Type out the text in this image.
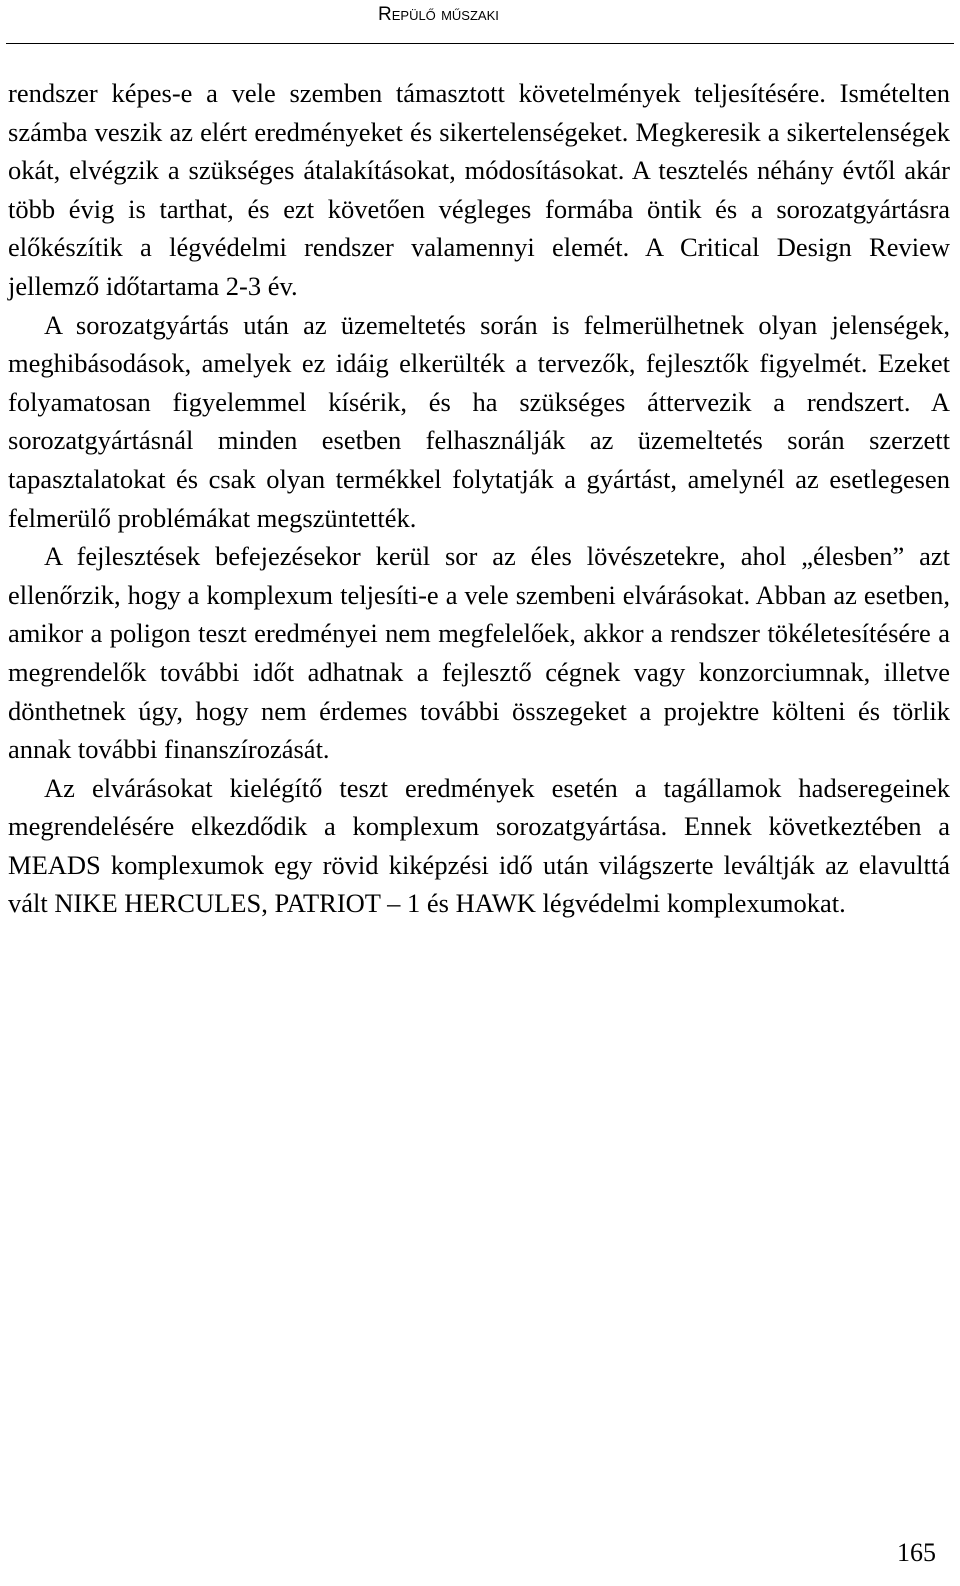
Repülő műszaki

rendszer képes-e a vele szemben támasztott követelmények teljesítésére. Ismételten számba veszik az elért eredményeket és sikertelenségeket. Megkeresik a sikertelenségek okát, elvégzik a szükséges átalakításokat, módosításokat. A tesztelés néhány évtől akár több évig is tarthat, és ezt követően végleges formába öntik és a sorozatgyártásra előkészítik a légvédelmi rendszer valamennyi elemét. A Critical Design Review jellemző időtartama 2-3 év.

A sorozatgyártás után az üzemeltetés során is felmerülhetnek olyan jelenségek, meghibásodások, amelyek ez idáig elkerülték a tervezők, fejlesztők figyelmét. Ezeket folyamatosan figyelemmel kísérik, és ha szükséges áttervezik a rendszert. A sorozatgyártásnál minden esetben felhasználják az üzemeltetés során szerzett tapasztalatokat és csak olyan termékkel folytatják a gyártást, amelynél az esetlegesen felmerülő problémákat megszüntették.

A fejlesztések befejezésekor kerül sor az éles lövészetekre, ahol „élesben” azt ellenőrzik, hogy a komplexum teljesíti-e a vele szembeni elvárásokat. Abban az esetben, amikor a poligon teszt eredményei nem megfelelőek, akkor a rendszer tökéletesítésére a megrendelők további időt adhatnak a fejlesztő cégnek vagy konzorciumnak, illetve dönthetnek úgy, hogy nem érdemes további összegeket a projektre költeni és törlik annak további finanszírozását.

Az elvárásokat kielégítő teszt eredmények esetén a tagállamok hadseregeinek megrendelésére elkezdődik a komplexum sorozatgyártása. Ennek következtében a MEADS komplexumok egy rövid kiképzési idő után világszerte leváltják az elavulttá vált NIKE HERCULES, PATRIOT – 1 és HAWK légvédelmi komplexumokat.

165
